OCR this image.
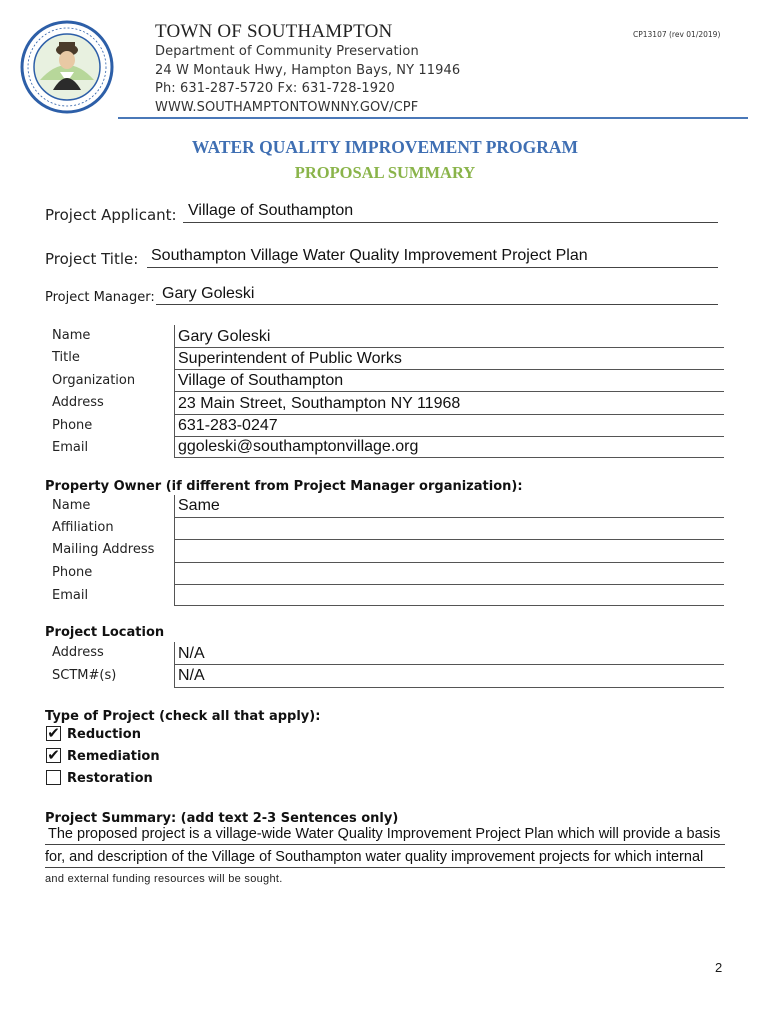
TOWN OF SOUTHAMPTON	CP13107 (rev 01/2019)
Department of Community Preservation
24 W Montauk Hwy, Hampton Bays, NY 11946
Ph: 631-287-5720 Fx: 631-728-1920
WWW.SOUTHAMPTONTOWNNY.GOV/CPF
WATER QUALITY IMPROVEMENT PROGRAM
PROPOSAL SUMMARY
Project Applicant: Village of Southampton
Project Title: Southampton Village Water Quality Improvement Project Plan
Project Manager: Gary Goleski
Name	Gary Goleski
Title	Superintendent of Public Works
Organization	Village of Southampton
Address	23 Main Street, Southampton NY 11968
Phone	631-283-0247
Email	ggoleski@southamptonvillage.org
Property Owner (if different from Project Manager organization):
Name	Same
Affiliation
Mailing Address
Phone
Email
Project Location
Address	N/A
SCTM#(s)	N/A
Type of Project (check all that apply):
✔ Reduction
✔ Remediation
Restoration
Project Summary: (add text 2-3 Sentences only)
The proposed project is a village-wide Water Quality Improvement Project Plan which will provide a basis
for, and description of the Village of Southampton water quality improvement projects for which internal
and external funding resources will be sought.
2
